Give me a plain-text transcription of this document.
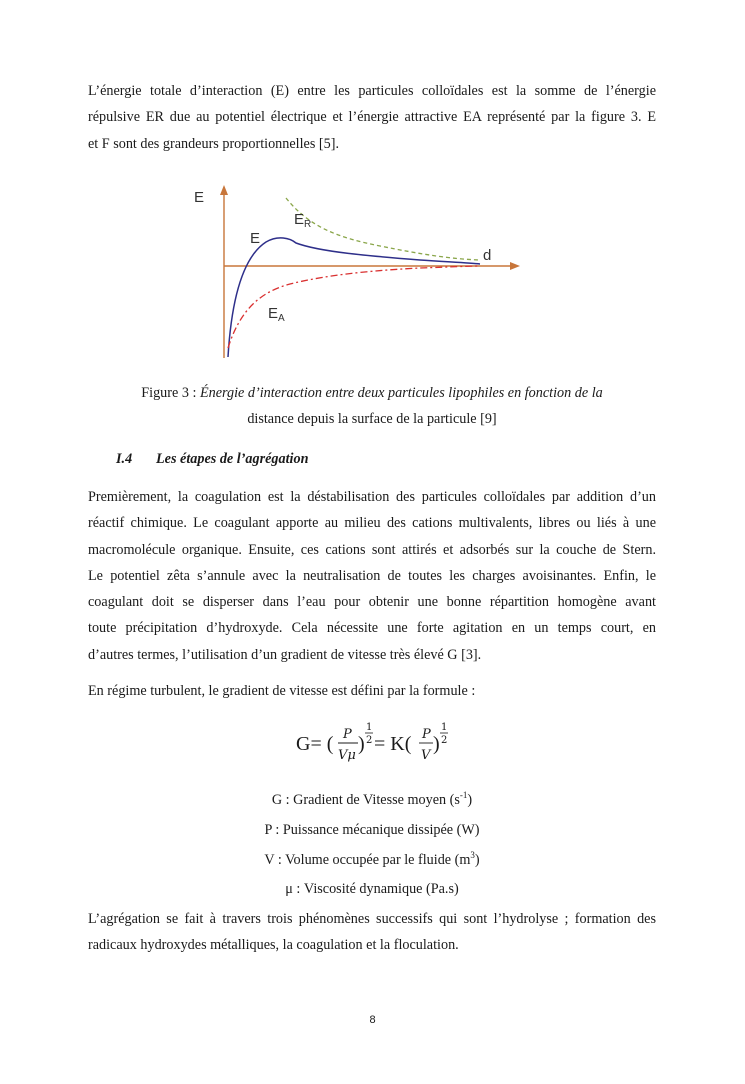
L’énergie totale d’interaction (E) entre les particules colloïdales est la somme de l’énergie
répulsive ER due au potentiel électrique et l’énergie attractive EA représenté par la figure 3. E
et F sont des grandeurs proportionnelles [5].
E
d
E
$E_R$
$E_A$
Figure 3 : Énergie d’interaction entre deux particules lipophiles en fonction de la
distance depuis la surface de la particule [9]
I.4 Les étapes de l’agrégation
Premièrement, la coagulation est la déstabilisation des particules colloïdales par addition d’un
réactif chimique. Le coagulant apporte au milieu des cations multivalents, libres ou liés à une
macromolécule organique. Ensuite, ces cations sont attirés et adsorbés sur la couche de Stern.
Le potentiel zêta s’annule avec la neutralisation de toutes les charges avoisinantes. Enfin, le
coagulant doit se disperser dans l’eau pour obtenir une bonne répartition homogène avant
toute précipitation d’hydroxyde. Cela nécessite une forte agitation en un temps court, en
d’autres termes, l’utilisation d’un gradient de vitesse très élevé G [3].
En régime turbulent, le gradient de vitesse est défini par la formule :
G= ( P
Vμ
)
1
2 = K( P
V
)
1
2
G : Gradient de Vitesse moyen $(s^{-1})$
P : Puissance mécanique dissipée (W)
V : Volume occupée par le fluide $(m^3)$
μ : Viscosité dynamique (Pa.s)
L’agrégation se fait à travers trois phénomènes successifs qui sont l’hydrolyse ; formation des
radicaux hydroxydes métalliques, la coagulation et la floculation.
8
